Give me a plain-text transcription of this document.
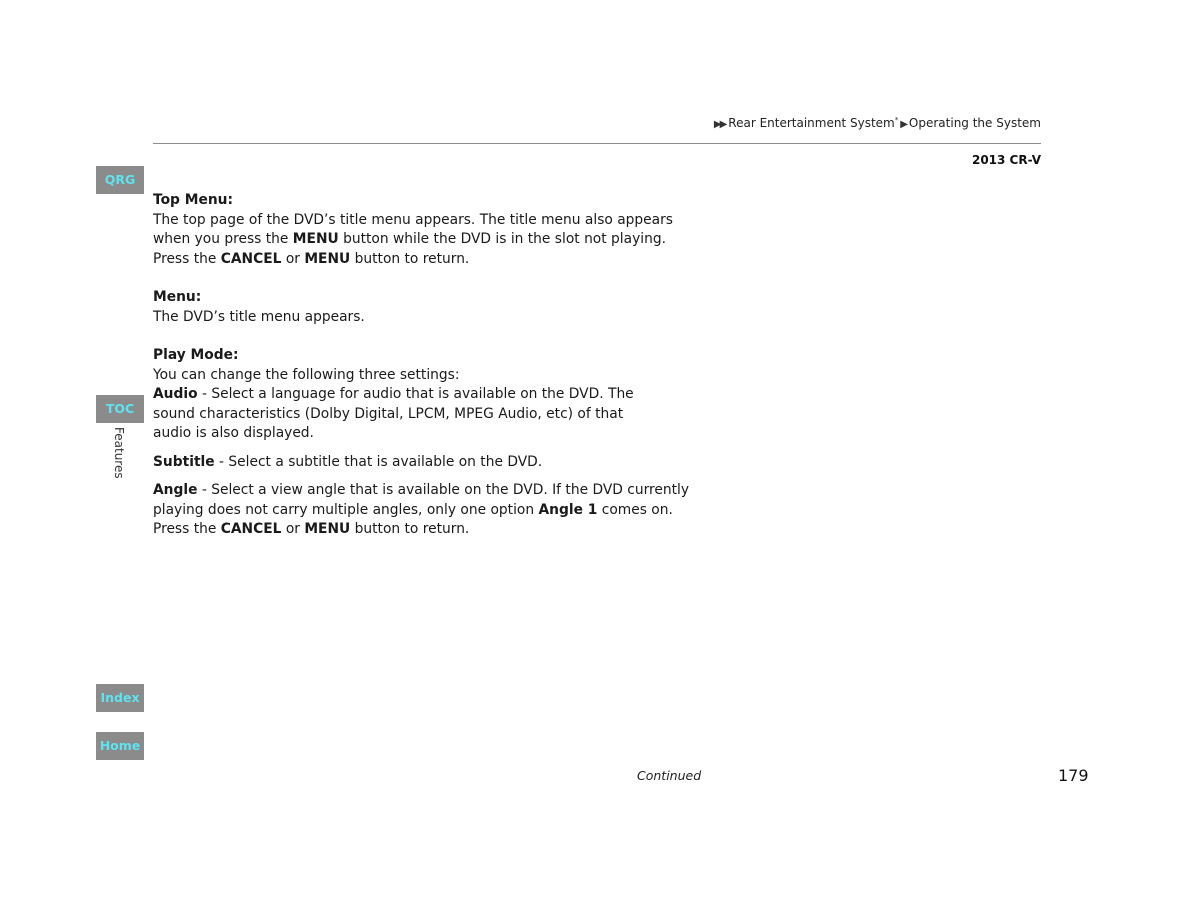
▶▶ Rear Entertainment System* ▶Operating the System
2013 CR-V
QRG
TOC
Features
Index
Home

Top Menu:

The top page of the DVD’s title menu appears. The title menu also appears when you press the MENU button while the DVD is in the slot not playing. Press the CANCEL or MENU button to return.

Menu:

The DVD’s title menu appears.

Play Mode:

You can change the following three settings:

Audio - Select a language for audio that is available on the DVD. The sound characteristics (Dolby Digital, LPCM, MPEG Audio, etc) of that audio is also displayed.

Subtitle - Select a subtitle that is available on the DVD.

Angle - Select a view angle that is available on the DVD. If the DVD currently playing does not carry multiple angles, only one option Angle 1 comes on. Press the CANCEL or MENU button to return.

Continued	179
